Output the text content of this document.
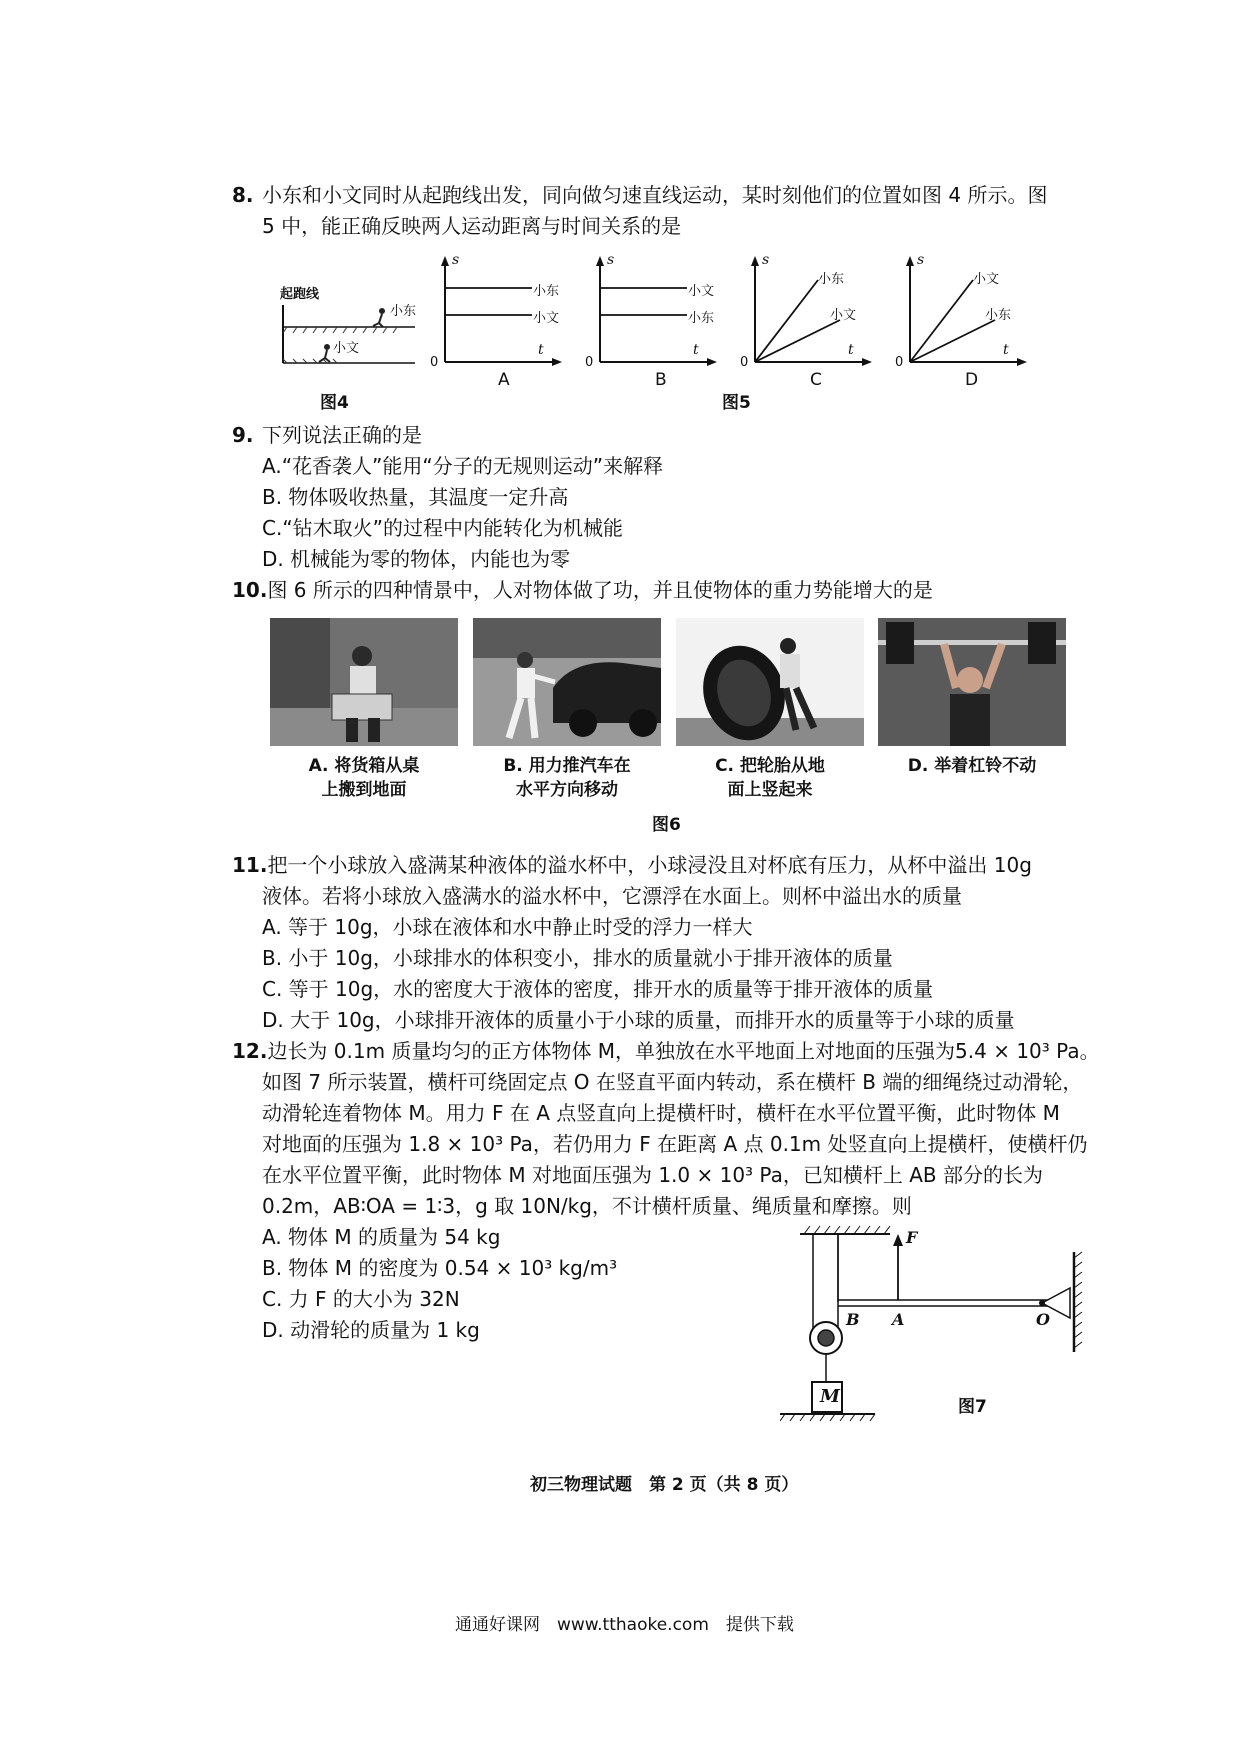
8. 小东和小文同时从起跑线出发，同向做匀速直线运动，某时刻他们的位置如图 4 所示。图
5 中，能正确反映两人运动距离与时间关系的是
起跑线
小东
小文
图4
s
t
0
小东
小文
s
t
0
小文
小东
s
t
0
小东
小文
s
t
0
小文
小东
A	B	C	D
图5
9. 下列说法正确的是
A.“花香袭人”能用“分子的无规则运动”来解释
B. 物体吸收热量，其温度一定升高
C.“钻木取火”的过程中内能转化为机械能
D. 机械能为零的物体，内能也为零
10.图 6 所示的四种情景中，人对物体做了功，并且使物体的重力势能增大的是
A. 将货箱从桌
上搬到地面
B. 用力推汽车在
水平方向移动
C. 把轮胎从地
面上竖起来
D. 举着杠铃不动
图6
11.把一个小球放入盛满某种液体的溢水杯中，小球浸没且对杯底有压力，从杯中溢出 10g
液体。若将小球放入盛满水的溢水杯中，它漂浮在水面上。则杯中溢出水的质量
A. 等于 10g，小球在液体和水中静止时受的浮力一样大
B. 小于 10g，小球排水的体积变小，排水的质量就小于排开液体的质量
C. 等于 10g，水的密度大于液体的密度，排开水的质量等于排开液体的质量
D. 大于 10g，小球排开液体的质量小于小球的质量，而排开水的质量等于小球的质量
12.边长为 0.1m 质量均匀的正方体物体 M，单独放在水平地面上对地面的压强为5.4 × 10³ Pa。
如图 7 所示装置，横杆可绕固定点 O 在竖直平面内转动，系在横杆 B 端的细绳绕过动滑轮，
动滑轮连着物体 M。用力 F 在 A 点竖直向上提横杆时，横杆在水平位置平衡，此时物体 M
对地面的压强为 1.8 × 10³ Pa，若仍用力 F 在距离 A 点 0.1m 处竖直向上提横杆，使横杆仍
在水平位置平衡，此时物体 M 对地面压强为 1.0 × 10³ Pa，已知横杆上 AB 部分的长为
0.2m，AB∶OA = 1∶3，g 取 10N/kg，不计横杆质量、绳质量和摩擦。则
A. 物体 M 的质量为 54 kg
B. 物体 M 的密度为 0.54 × 10³ kg/m³
C. 力 F 的大小为 32N
D. 动滑轮的质量为 1 kg
F
B A	O
M	图7
初三物理试题　第 2 页（共 8 页）
通通好课网　www.tthaoke.com　提供下载
